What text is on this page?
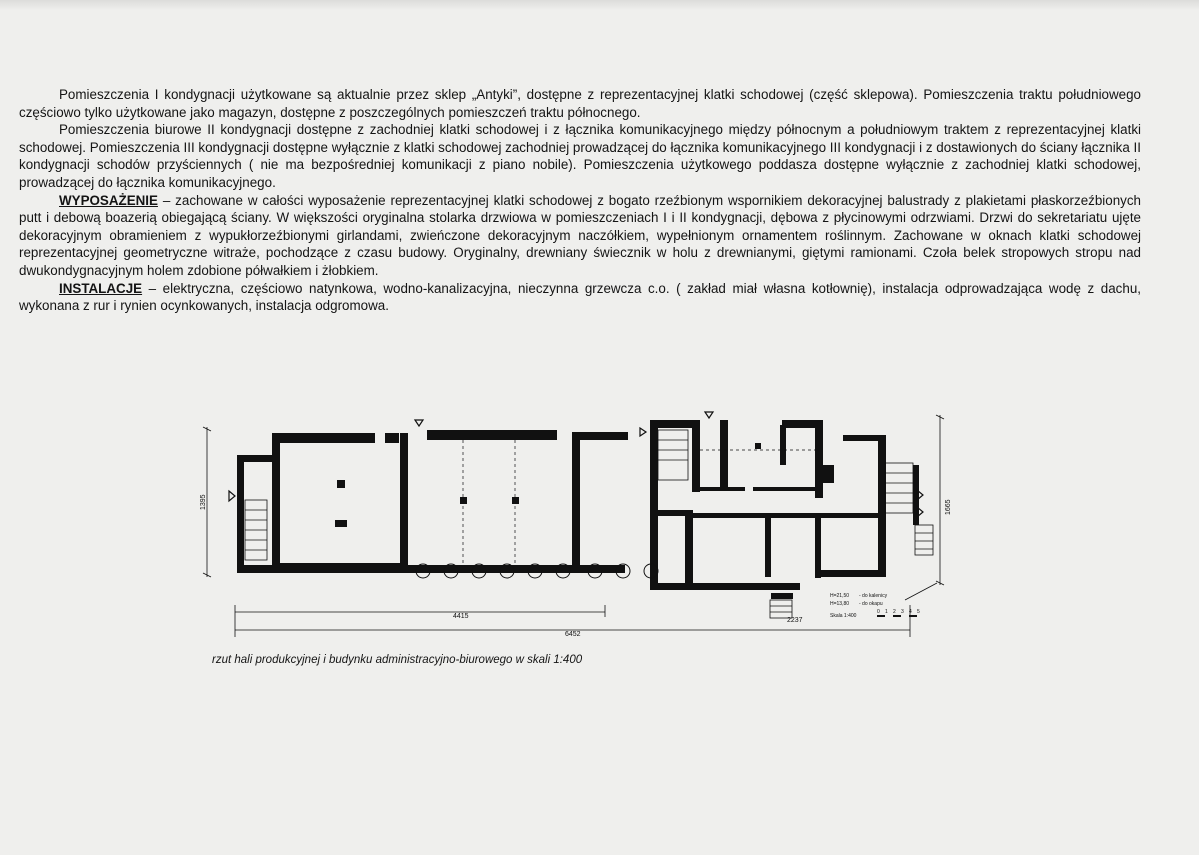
Pomieszczenia I kondygnacji użytkowane są aktualnie przez sklep „Antyki”, dostępne z reprezentacyjnej klatki schodowej (część sklepowa). Pomieszczenia traktu południowego częściowo tylko użytkowane jako magazyn, dostępne z poszczególnych pomieszczeń traktu północnego.

Pomieszczenia biurowe II kondygnacji dostępne z zachodniej klatki schodowej i z łącznika komunikacyjnego między północnym a południowym traktem z reprezentacyjnej klatki schodowej. Pomieszczenia III kondygnacji dostępne wyłącznie z klatki schodowej zachodniej prowadzącej do łącznika komunikacyjnego III kondygnacji i z dostawionych do ściany łącznika II kondygnacji schodów przyściennych ( nie ma bezpośredniej komunikacji z piano nobile). Pomieszczenia użytkowego poddasza dostępne wyłącznie z zachodniej klatki schodowej, prowadzącej do łącznika komunikacyjnego.

WYPOSAŻENIE – zachowane w całości wyposażenie reprezentacyjnej klatki schodowej z bogato rzeźbionym wspornikiem dekoracyjnej balustrady z plakietami płaskorzeźbionych putt i debową boazerią obiegającą ściany. W większości oryginalna stolarka drzwiowa w pomieszczeniach I i II kondygnacji, dębowa z płycinowymi odrzwiami. Drzwi do sekretariatu ujęte dekoracyjnym obramieniem z wypukłorzeźbionymi girlandami, zwieńczone dekoracyjnym naczółkiem, wypełnionym ornamentem roślinnym. Zachowane w oknach klatki schodowej reprezentacyjnej geometryczne witraże, pochodzące z czasu budowy. Oryginalny, drewniany świecznik w holu z drewnianymi, giętymi ramionami. Czoła belek stropowych stropu nad dwukondygnacyjnym holem zdobione półwałkiem i żłobkiem.

INSTALACJE – elektryczna, częściowo natynkowa, wodno-kanalizacyjna, nieczynna grzewcza c.o. ( zakład miał własna kotłownię), instalacja odprowadzająca wodę z dachu, wykonana z rur i rynien ocynkowanych, instalacja odgromowa.

1395	1665
4415
6452
2237
H=21,50 - do kalenicy
H=13,80 - do okapu
Skala 1:400
0 1 2 3 4 5
rzut hali produkcyjnej i budynku administracyjno-biurowego w skali 1:400
